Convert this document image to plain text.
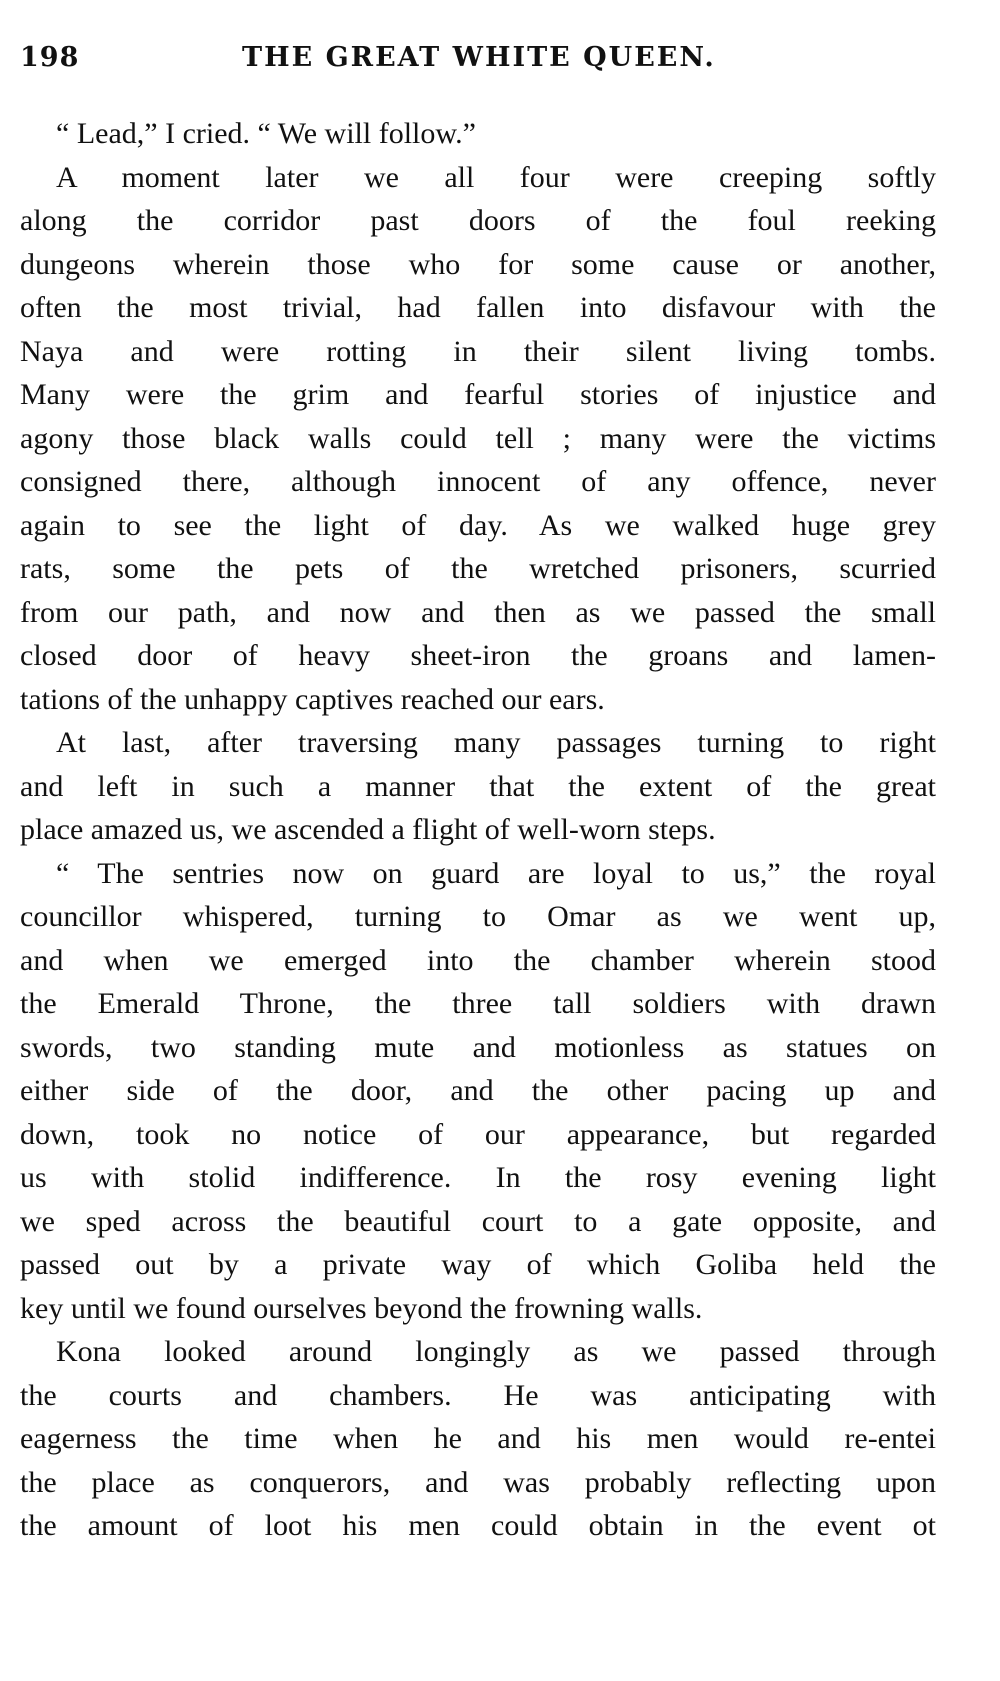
198	THE GREAT WHITE QUEEN.

“ Lead,” I cried. “ We will follow.”

A moment later we all four were creeping softly
along the corridor past doors of the foul reeking
dungeons wherein those who for some cause or another,
often the most trivial, had fallen into disfavour with the
Naya and were rotting in their silent living tombs.
Many were the grim and fearful stories of injustice and
agony those black walls could tell ; many were the victims
consigned there, although innocent of any offence, never
again to see the light of day. As we walked huge grey
rats, some the pets of the wretched prisoners, scurried
from our path, and now and then as we passed the small
closed door of heavy sheet-iron the groans and lamen-
tations of the unhappy captives reached our ears.

At last, after traversing many passages turning to right
and left in such a manner that the extent of the great
place amazed us, we ascended a flight of well-worn steps.

“ The sentries now on guard are loyal to us,” the royal
councillor whispered, turning to Omar as we went up,
and when we emerged into the chamber wherein stood
the Emerald Throne, the three tall soldiers with drawn
swords, two standing mute and motionless as statues on
either side of the door, and the other pacing up and
down, took no notice of our appearance, but regarded
us with stolid indifference. In the rosy evening light
we sped across the beautiful court to a gate opposite, and
passed out by a private way of which Goliba held the
key until we found ourselves beyond the frowning walls.

Kona looked around longingly as we passed through
the courts and chambers. He was anticipating with
eagerness the time when he and his men would re-entei
the place as conquerors, and was probably reflecting upon
the amount of loot his men could obtain in the event ot
